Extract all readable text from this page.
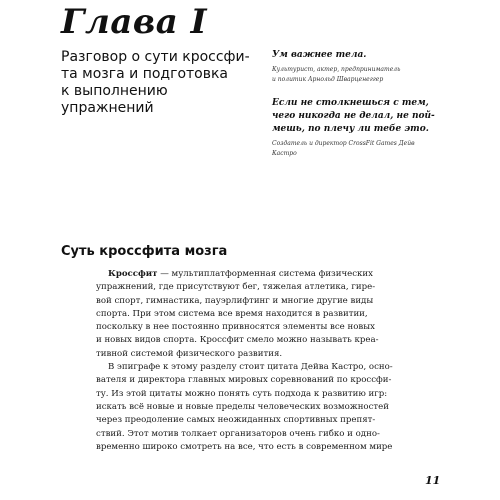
Глава I
Разговор о сути кроссфи-
та мозга и подготовка
к выполнению
упражнений

Ум важнее тела.

Культурист, актер, предприниматель
и политик Арнольд Шварценеггер

Если не столкнешься с тем,
чего никогда не делал, не пой-
мешь, по плечу ли тебе это.

Создатель и директор CrossFit Games Дейв
Кастро

Суть кроссфита мозга
Кроссфит — мультиплатформенная система физических
упражнений, где присутствуют бег, тяжелая атлетика, гире-
вой спорт, гимнастика, пауэрлифтинг и многие другие виды
спорта. При этом система все время находится в развитии,
поскольку в нее постоянно привносятся элементы все новых
и новых видов спорта. Кроссфит смело можно называть креа-
тивной системой физического развития.
В эпиграфе к этому разделу стоит цитата Дейва Кастро, осно-
вателя и директора главных мировых соревнований по кроссфи-
ту. Из этой цитаты можно понять суть подхода к развитию игр:
искать всё новые и новые пределы человеческих возможностей
через преодоление самых неожиданных спортивных препят-
ствий. Этот мотив толкает организаторов очень гибко и одно-
временно широко смотреть на все, что есть в современном мире
11
